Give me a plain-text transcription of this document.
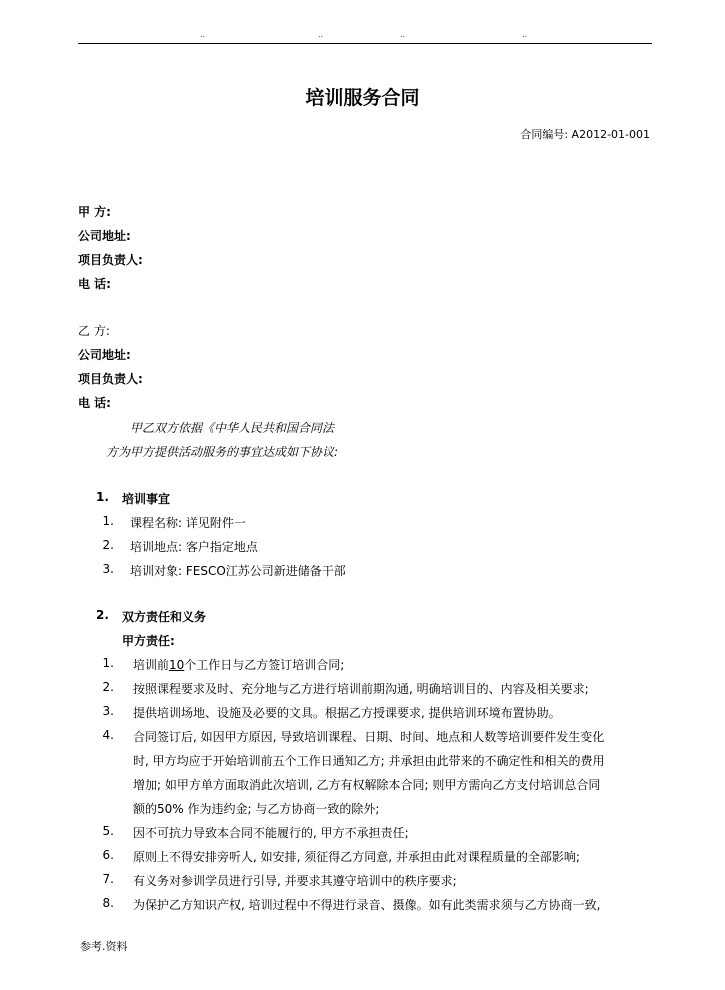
..	..	..	..
培训服务合同
合同编号: A2012-01-001
甲 方:
公司地址:
项目负责人:
电 话:
乙 方:
公司地址:
项目负责人:
电 话:
甲乙双方依据《中华人民共和国合同法
方为甲方提供活动服务的事宜达成如下协议:
1. 培训事宜
1. 课程名称: 详见附件一
2. 培训地点: 客户指定地点
3. 培训对象: FESCO江苏公司新进储备干部
2. 双方责任和义务
甲方责任:
1. 培训前10个工作日与乙方签订培训合同;
2. 按照课程要求及时、充分地与乙方进行培训前期沟通, 明确培训目的、内容及相关要求;
3. 提供培训场地、设施及必要的文具。根据乙方授课要求, 提供培训环境布置协助。
4. 合同签订后, 如因甲方原因, 导致培训课程、日期、时间、地点和人数等培训要件发生变化
时, 甲方均应于开始培训前五个工作日通知乙方; 并承担由此带来的不确定性和相关的费用
增加; 如甲方单方面取消此次培训, 乙方有权解除本合同; 则甲方需向乙方支付培训总合同
额的50% 作为违约金; 与乙方协商一致的除外;
5. 因不可抗力导致本合同不能履行的, 甲方不承担责任;
6. 原则上不得安排旁听人, 如安排, 须征得乙方同意, 并承担由此对课程质量的全部影响;
7. 有义务对参训学员进行引导, 并要求其遵守培训中的秩序要求;
8. 为保护乙方知识产权, 培训过程中不得进行录音、摄像。如有此类需求须与乙方协商一致,
参考.资料
